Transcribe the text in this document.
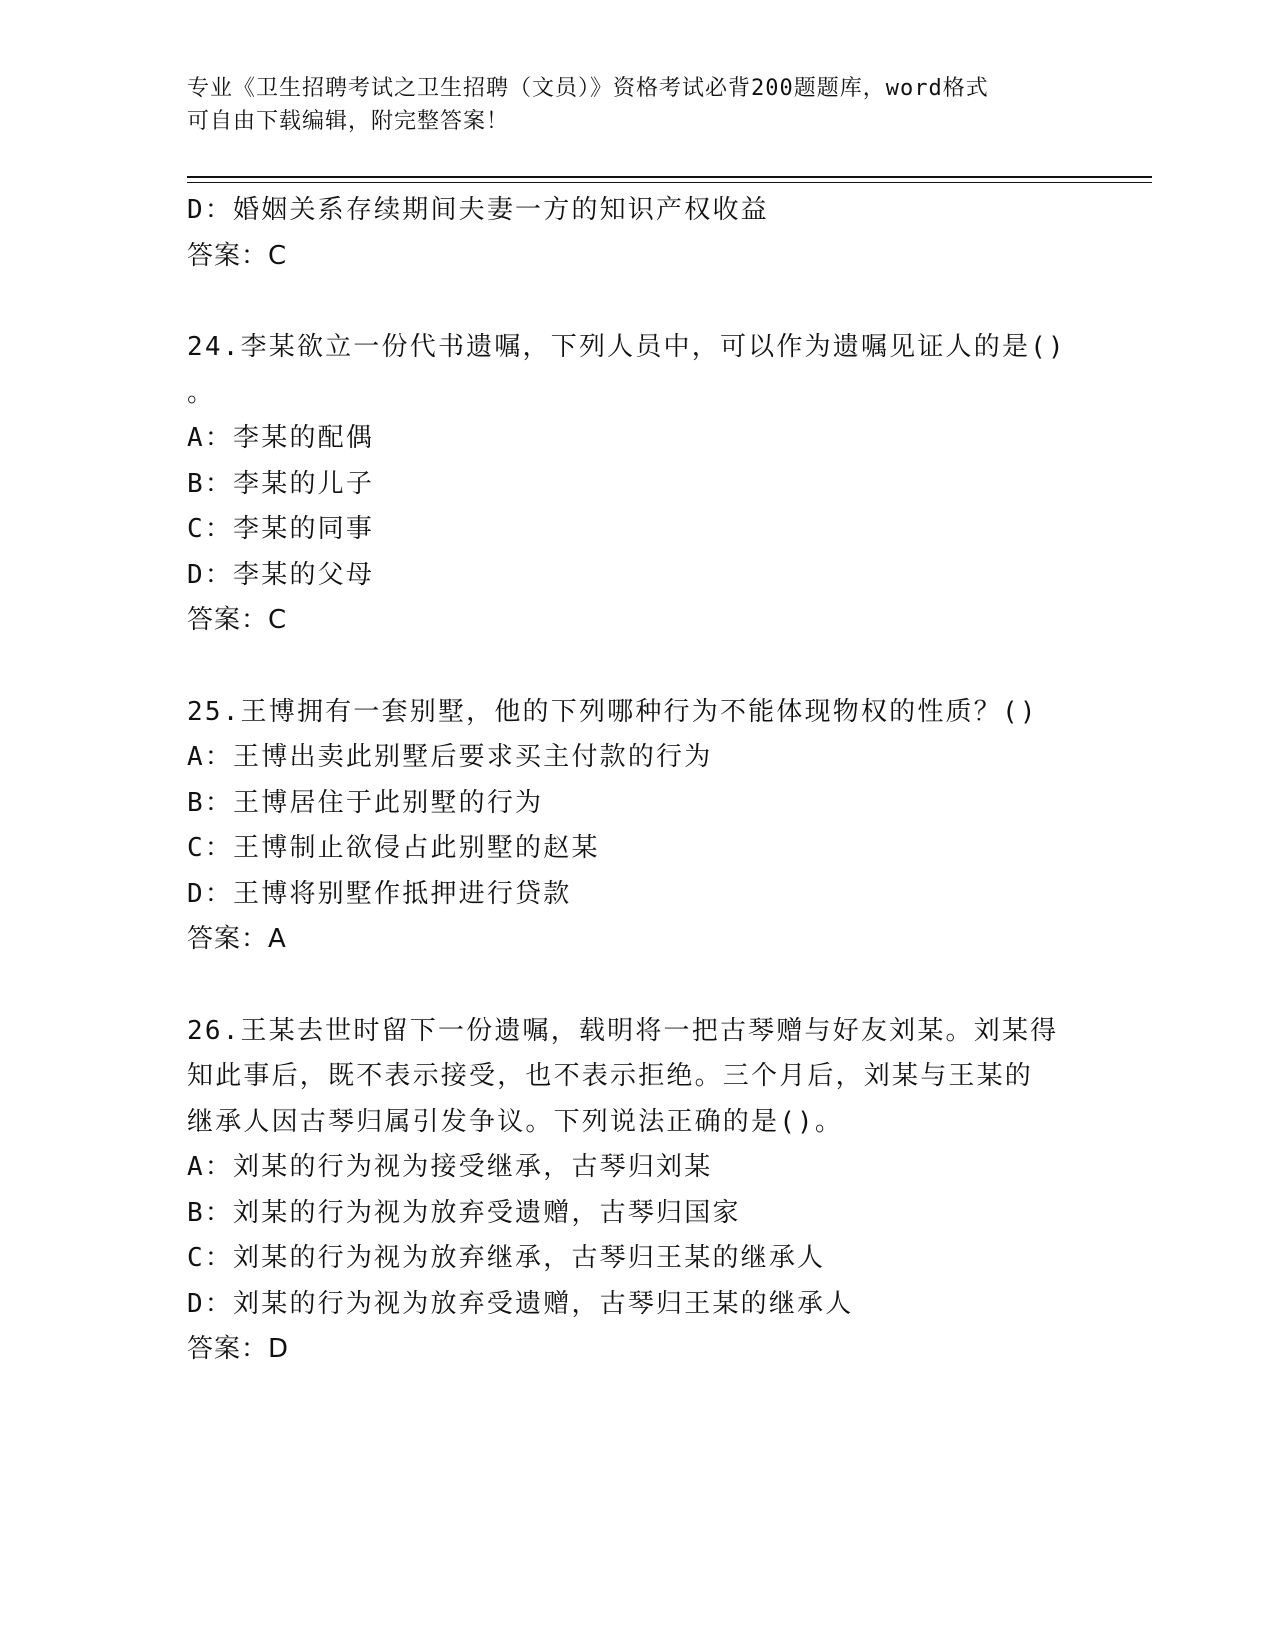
专业《卫生招聘考试之卫生招聘（文员）》资格考试必背200题题库，word格式
可自由下载编辑，附完整答案！
D：婚姻关系存续期间夫妻一方的知识产权收益
答案：C
24.李某欲立一份代书遗嘱，下列人员中，可以作为遗嘱见证人的是()
。
A：李某的配偶
B：李某的儿子
C：李某的同事
D：李某的父母
答案：C
25.王博拥有一套别墅，他的下列哪种行为不能体现物权的性质？()
A：王博出卖此别墅后要求买主付款的行为
B：王博居住于此别墅的行为
C：王博制止欲侵占此别墅的赵某
D：王博将别墅作抵押进行贷款
答案：A
26.王某去世时留下一份遗嘱，载明将一把古琴赠与好友刘某。刘某得
知此事后，既不表示接受，也不表示拒绝。三个月后，刘某与王某的
继承人因古琴归属引发争议。下列说法正确的是()。
A：刘某的行为视为接受继承，古琴归刘某
B：刘某的行为视为放弃受遗赠，古琴归国家
C：刘某的行为视为放弃继承，古琴归王某的继承人
D：刘某的行为视为放弃受遗赠，古琴归王某的继承人
答案：D
